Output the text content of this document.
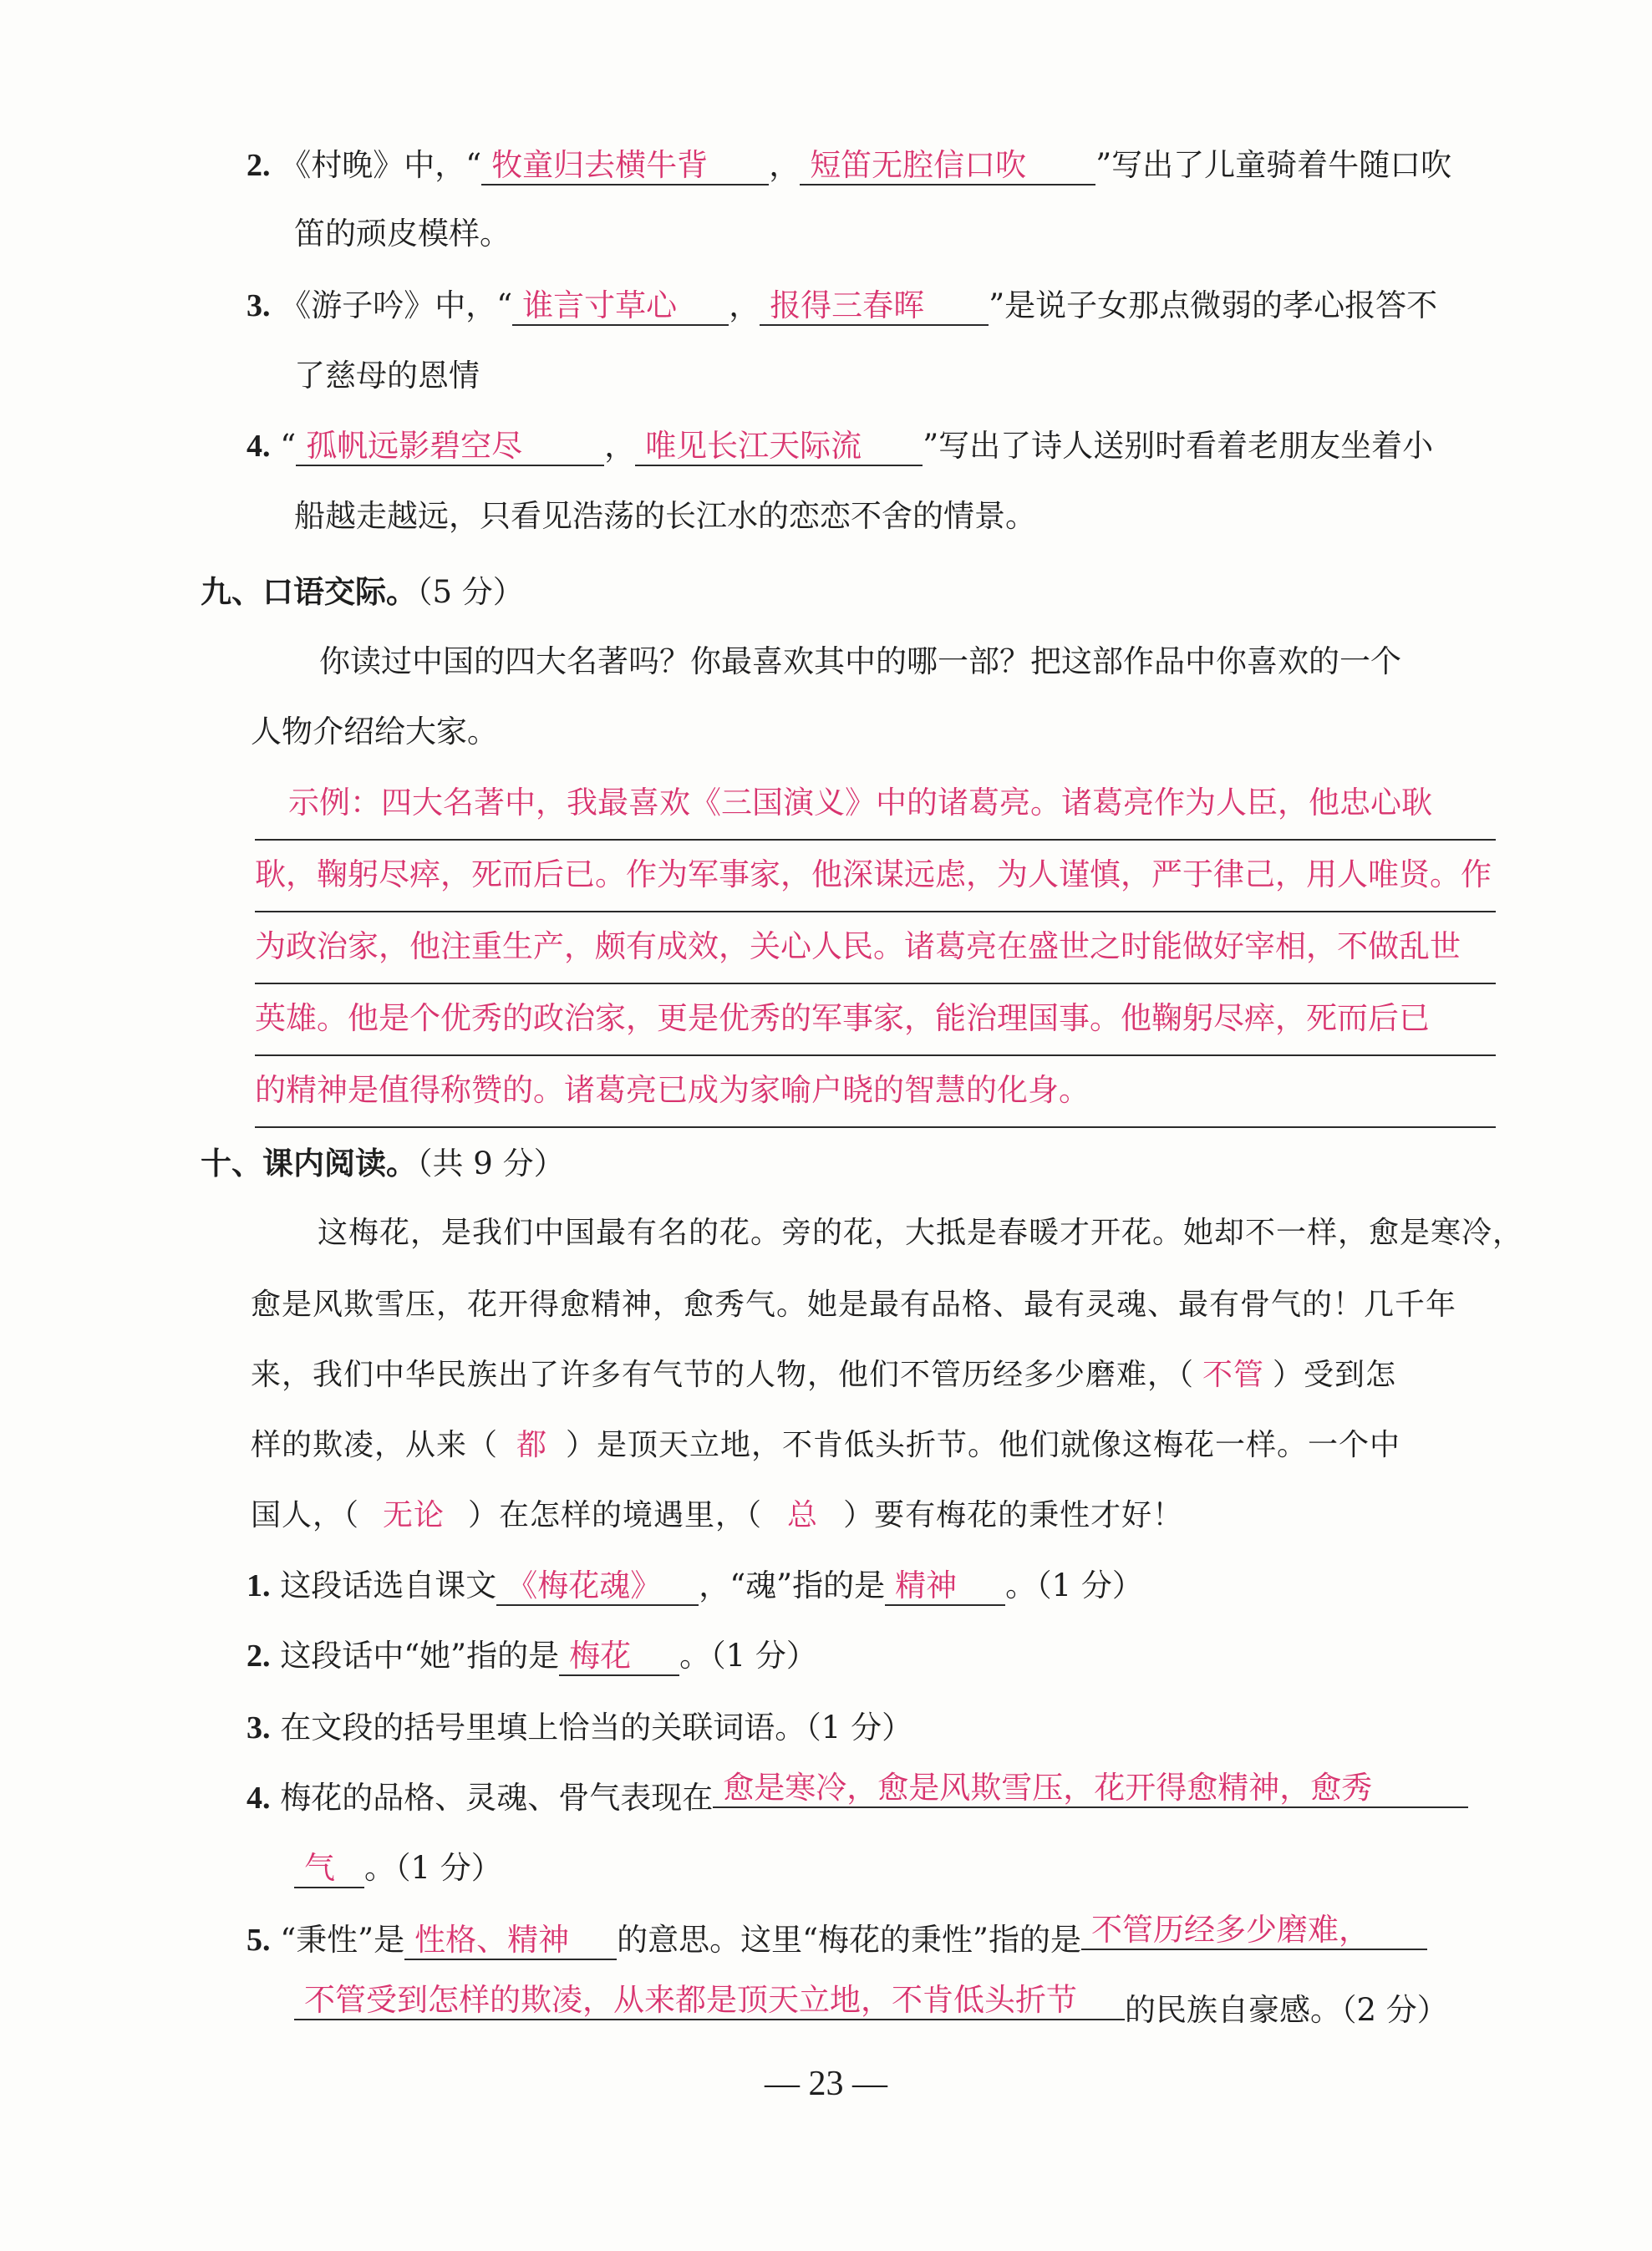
2. 《村晚》中，“ 牧童归去横牛背 ， 短笛无腔信口吹 ”写出了儿童骑着牛随口吹
笛的顽皮模样。
3. 《游子吟》中，“ 谁言寸草心 ， 报得三春晖 ”是说子女那点微弱的孝心报答不
了慈母的恩情
4. “ 孤帆远影碧空尽	， 唯见长江天际流 ”写出了诗人送别时看着老朋友坐着小
船越走越远，只看见浩荡的长江水的恋恋不舍的情景。
九、口语交际。（5 分）
你读过中国的四大名著吗？你最喜欢其中的哪一部？把这部作品中你喜欢的一个
人物介绍给大家。
示例：四大名著中，我最喜欢《三国演义》中的诸葛亮。诸葛亮作为人臣，他忠心耿
耿，鞠躬尽瘁，死而后已。作为军事家，他深谋远虑，为人谨慎，严于律己，用人唯贤。作
为政治家，他注重生产，颇有成效，关心人民。诸葛亮在盛世之时能做好宰相，不做乱世
英雄。他是个优秀的政治家，更是优秀的军事家，能治理国事。他鞠躬尽瘁，死而后已
的精神是值得称赞的。诸葛亮已成为家喻户晓的智慧的化身。
十、课内阅读。（共 9 分）
这梅花，是我们中国最有名的花。旁的花，大抵是春暖才开花。她却不一样，愈是寒冷，
愈是风欺雪压，花开得愈精神，愈秀气。她是最有品格、最有灵魂、最有骨气的！几千年
来，我们中华民族出了许多有气节的人物，他们不管历经多少磨难，（ 不管 ）受到怎
样的欺凌，从来（ 都 ）是顶天立地，不肯低头折节。他们就像这梅花一样。一个中
国人，（ 无论 ）在怎样的境遇里，（ 总 ）要有梅花的秉性才好！
1. 这段话选自课文 《梅花魂》 ，“魂”指的是 精神 。（1 分）
2. 这段话中“她”指的是 梅花 。（1 分）
3. 在文段的括号里填上恰当的关联词语。（1 分）
4. 梅花的品格、灵魂、骨气表现在 愈是寒冷，愈是风欺雪压，花开得愈精神，愈秀
气 。（1 分）
5. “秉性”是 性格、精神 的意思。这里“梅花的秉性”指的是 不管历经多少磨难，
不管受到怎样的欺凌，从来都是顶天立地，不肯低头折节 的民族自豪感。（2 分）
— 23 —
